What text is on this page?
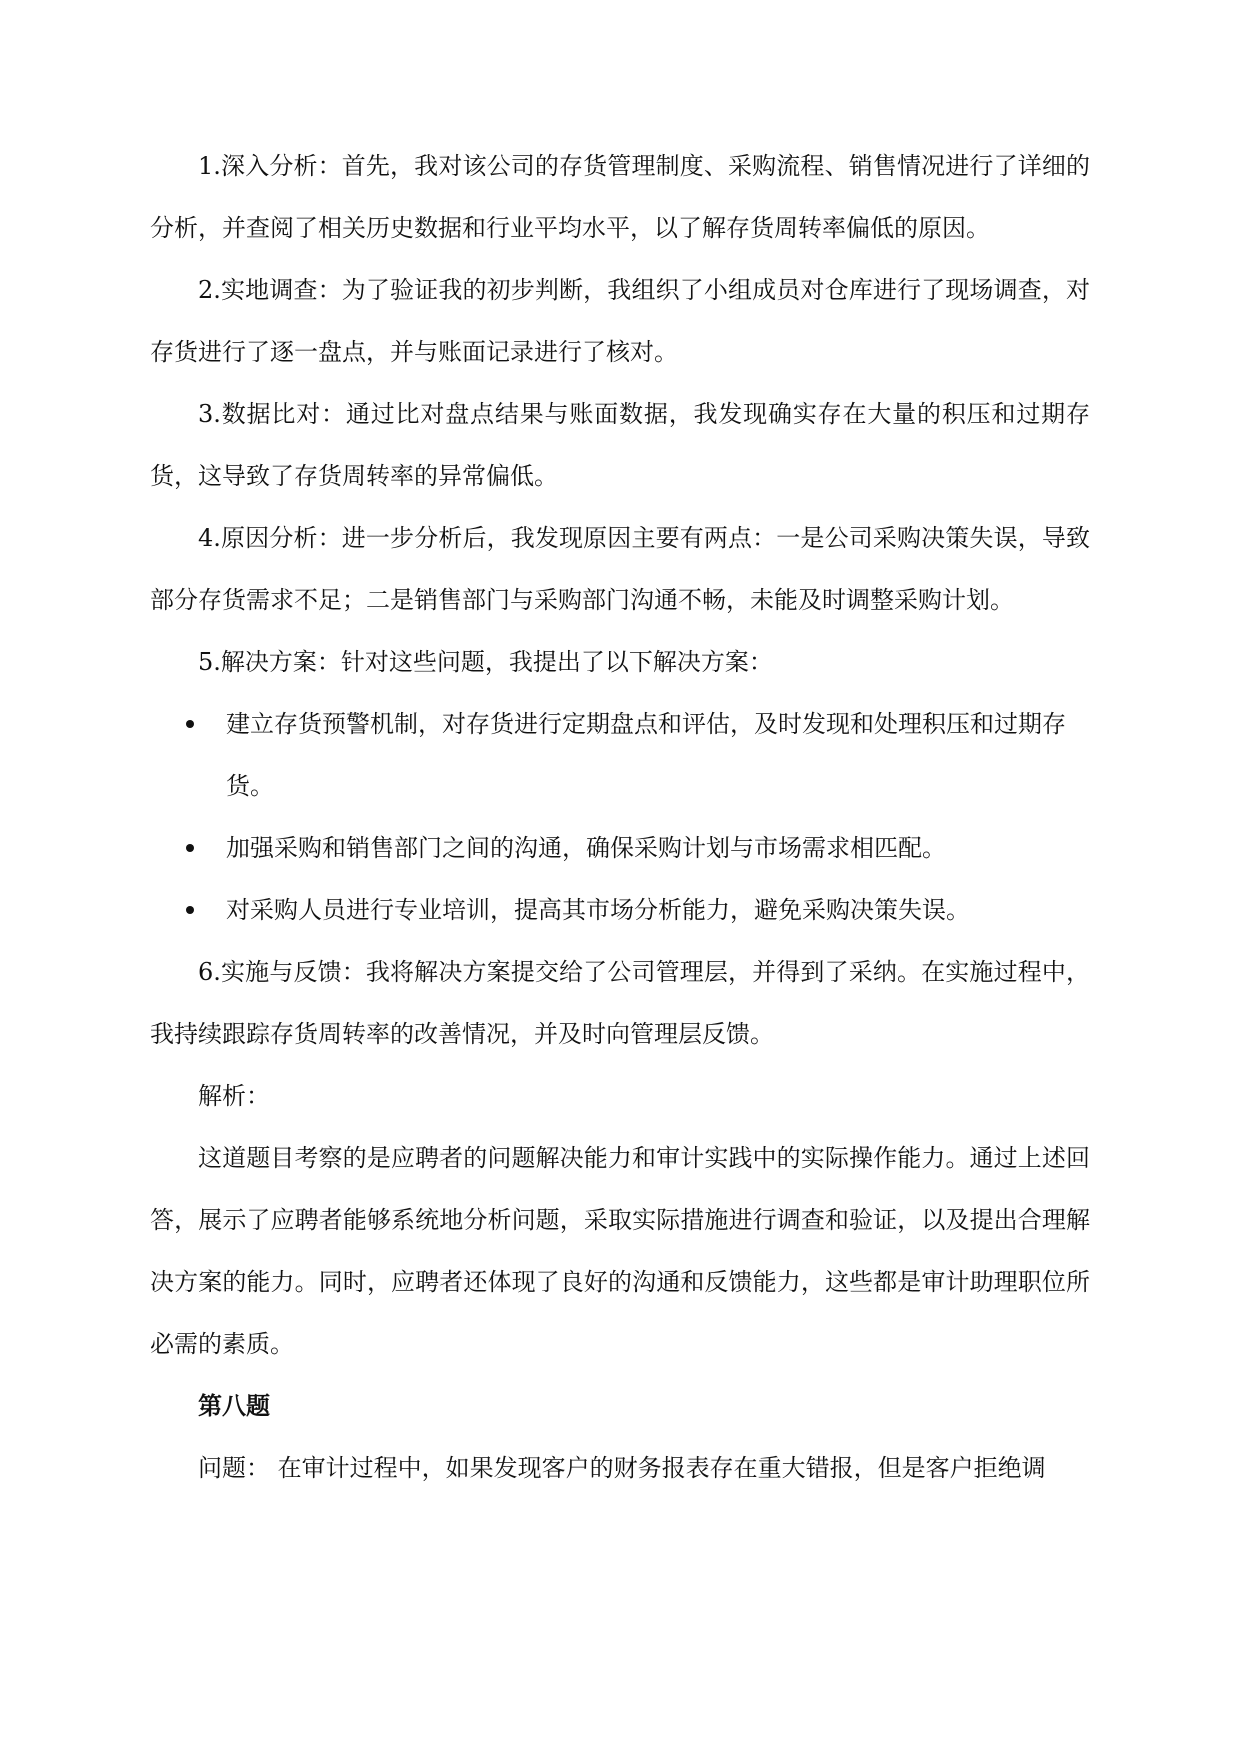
1.深入分析：首先，我对该公司的存货管理制度、采购流程、销售情况进行了详细的分析，并查阅了相关历史数据和行业平均水平，以了解存货周转率偏低的原因。

2.实地调查：为了验证我的初步判断，我组织了小组成员对仓库进行了现场调查，对存货进行了逐一盘点，并与账面记录进行了核对。

3.数据比对：通过比对盘点结果与账面数据，我发现确实存在大量的积压和过期存货，这导致了存货周转率的异常偏低。

4.原因分析：进一步分析后，我发现原因主要有两点：一是公司采购决策失误，导致部分存货需求不足；二是销售部门与采购部门沟通不畅，未能及时调整采购计划。

5.解决方案：针对这些问题，我提出了以下解决方案：

建立存货预警机制，对存货进行定期盘点和评估，及时发现和处理积压和过期存货。
加强采购和销售部门之间的沟通，确保采购计划与市场需求相匹配。
对采购人员进行专业培训，提高其市场分析能力，避免采购决策失误。

6.实施与反馈：我将解决方案提交给了公司管理层，并得到了采纳。在实施过程中，我持续跟踪存货周转率的改善情况，并及时向管理层反馈。

解析：

这道题目考察的是应聘者的问题解决能力和审计实践中的实际操作能力。通过上述回答，展示了应聘者能够系统地分析问题，采取实际措施进行调查和验证，以及提出合理解决方案的能力。同时，应聘者还体现了良好的沟通和反馈能力，这些都是审计助理职位所必需的素质。

第八题

问题： 在审计过程中，如果发现客户的财务报表存在重大错报，但是客户拒绝调
